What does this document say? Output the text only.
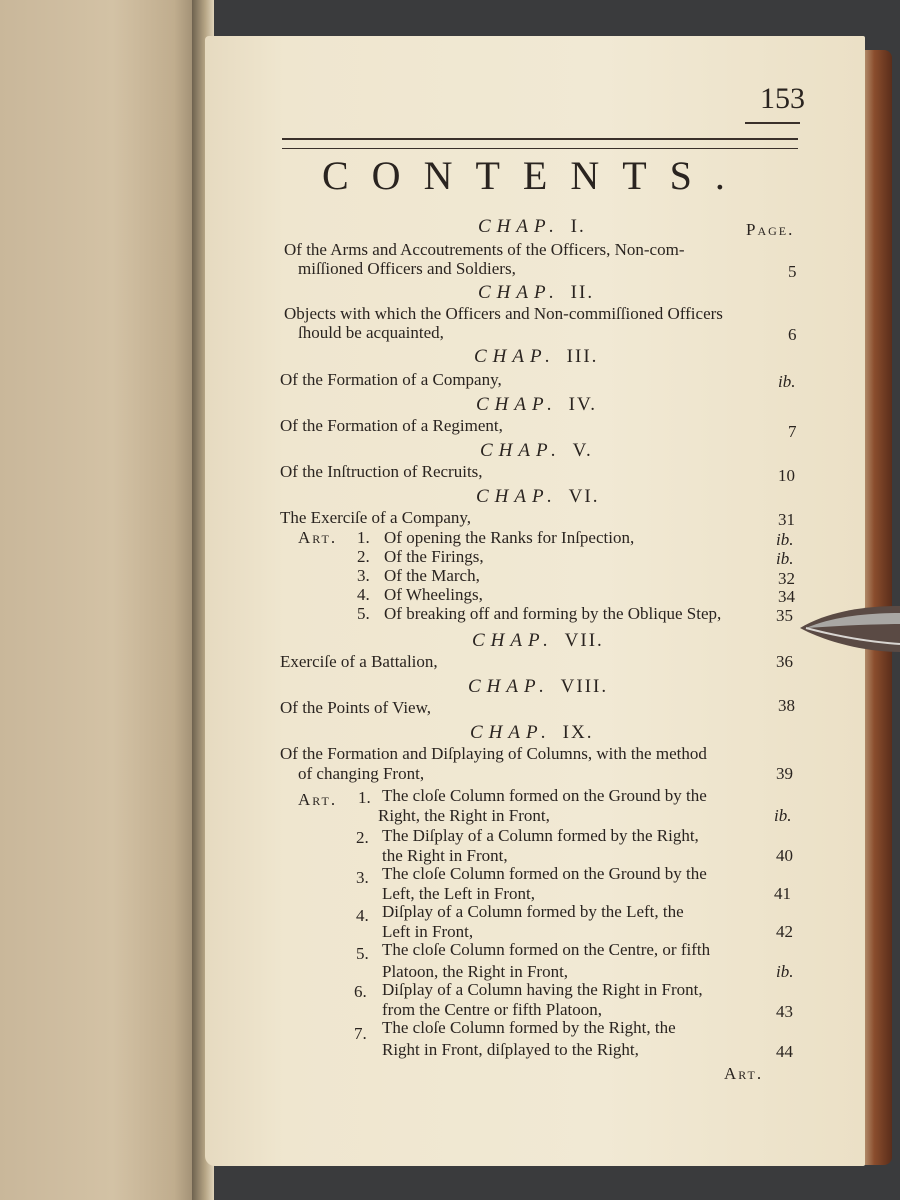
153
CONTENTS.
Page.
CHAP. I.
Of the Arms and Accoutrements of the Officers, Non-com-
miſſioned Officers and Soldiers,	5
CHAP. II.
Objects with which the Officers and Non-commiſſioned Officers
ſhould be acquainted,	6
CHAP. III.
Of the Formation of a Company,	ib.
CHAP. IV.
Of the Formation of a Regiment,	7
CHAP. V.
Of the Inſtruction of Recruits,	10
CHAP. VI.
The Exerciſe of a Company,	31
Art. 1. Of opening the Ranks for Inſpection,	ib.
2. Of the Firings,	ib.
3. Of the March,	32
4. Of Wheelings,	34
5. Of breaking off and forming by the Oblique Step,	35
CHAP. VII.
Exerciſe of a Battalion,	36
CHAP. VIII.
Of the Points of View,	38
CHAP. IX.
Of the Formation and Diſplaying of Columns, with the method
of changing Front,	39
Art. 1. The cloſe Column formed on the Ground by the
Right, the Right in Front,	ib.
2. The Diſplay of a Column formed by the Right,
the Right in Front,	40
3. The cloſe Column formed on the Ground by the
Left, the Left in Front,	41
4. Diſplay of a Column formed by the Left, the
Left in Front,	42
5. The cloſe Column formed on the Centre, or fifth
Platoon, the Right in Front,	ib.
6. Diſplay of a Column having the Right in Front,
from the Centre or fifth Platoon,	43
7. The cloſe Column formed by the Right, the
Right in Front, diſplayed to the Right,	44
Art.
